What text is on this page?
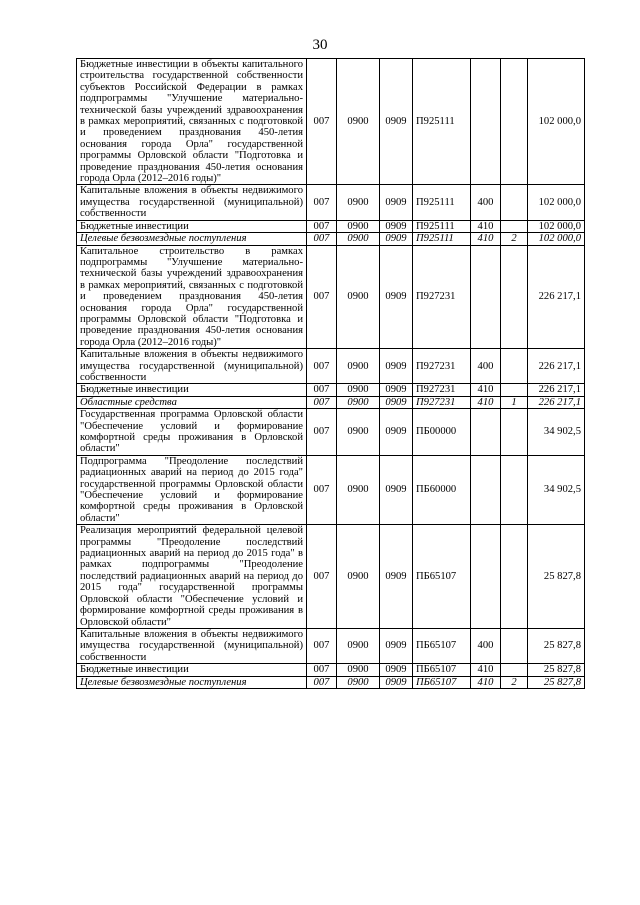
30
Бюджетные инвестиции в объекты капитального строительства государственной собственности субъектов Российской Федерации в рамках подпрограммы "Улучшение материально-технической базы учреждений здравоохранения в рамках мероприятий, связанных с подготовкой и проведением празднования 450-летия основания города Орла" государственной программы Орловской области "Подготовка и проведение празднования 450-летия основания города Орла (2012–2016 годы)"	007	0900	0909	П925111			102 000,0
Капитальные вложения в объекты недвижимого имущества государственной (муниципальной) собственности	007	0900	0909	П925111	400		102 000,0
Бюджетные инвестиции	007	0900	0909	П925111	410		102 000,0
Целевые безвозмездные поступления	007	0900	0909	П925111	410	2	102 000,0
Капитальное строительство в рамках подпрограммы "Улучшение материально-технической базы учреждений здравоохранения в рамках мероприятий, связанных с подготовкой и проведением празднования 450-летия основания города Орла" государственной программы Орловской области "Подготовка и проведение празднования 450-летия основания города Орла (2012–2016 годы)"	007	0900	0909	П927231			226 217,1
Капитальные вложения в объекты недвижимого имущества государственной (муниципальной) собственности	007	0900	0909	П927231	400		226 217,1
Бюджетные инвестиции	007	0900	0909	П927231	410		226 217,1
Областные средства	007	0900	0909	П927231	410	1	226 217,1
Государственная программа Орловской области "Обеспечение условий и формирование комфортной среды проживания в Орловской области"	007	0900	0909	ПБ00000			34 902,5
Подпрограмма "Преодоление последствий радиационных аварий на период до 2015 года" государственной программы Орловской области "Обеспечение условий и формирование комфортной среды проживания в Орловской области"	007	0900	0909	ПБ60000			34 902,5
Реализация мероприятий федеральной целевой программы "Преодоление последствий радиационных аварий на период до 2015 года" в рамках подпрограммы "Преодоление последствий радиационных аварий на период до 2015 года" государственной программы Орловской области "Обеспечение условий и формирование комфортной среды проживания в Орловской области"	007	0900	0909	ПБ65107			25 827,8
Капитальные вложения в объекты недвижимого имущества государственной (муниципальной) собственности	007	0900	0909	ПБ65107	400		25 827,8
Бюджетные инвестиции	007	0900	0909	ПБ65107	410		25 827,8
Целевые безвозмездные поступления	007	0900	0909	ПБ65107	410	2	25 827,8
